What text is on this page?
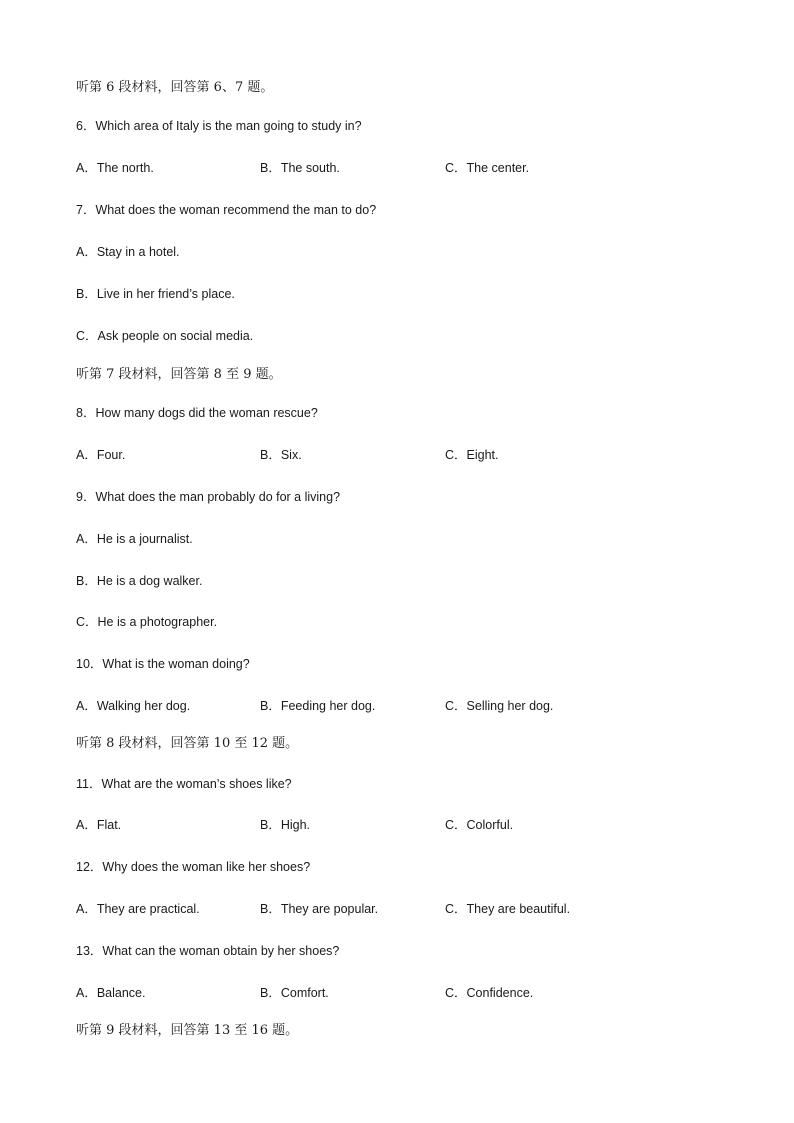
听第 6 段材料，回答第 6、7 题。
6．Which area of Italy is the man going to study in?
A．The north.	B．The south.	C．The center.
7．What does the woman recommend the man to do?
A．Stay in a hotel.
B．Live in her friend’s place.
C．Ask people on social media.
听第 7 段材料，回答第 8 至 9 题。
8．How many dogs did the woman rescue?
A．Four.	B．Six.	C．Eight.
9．What does the man probably do for a living?
A．He is a journalist.
B．He is a dog walker.
C．He is a photographer.
10．What is the woman doing?
A．Walking her dog.	B．Feeding her dog.	C．Selling her dog.
听第 8 段材料，回答第 10 至 12 题。
11．What are the woman’s shoes like?
A．Flat.	B．High.	C．Colorful.
12．Why does the woman like her shoes?
A．They are practical.	B．They are popular.	C．They are beautiful.
13．What can the woman obtain by her shoes?
A．Balance.	B．Comfort.	C．Confidence.
听第 9 段材料，回答第 13 至 16 题。
